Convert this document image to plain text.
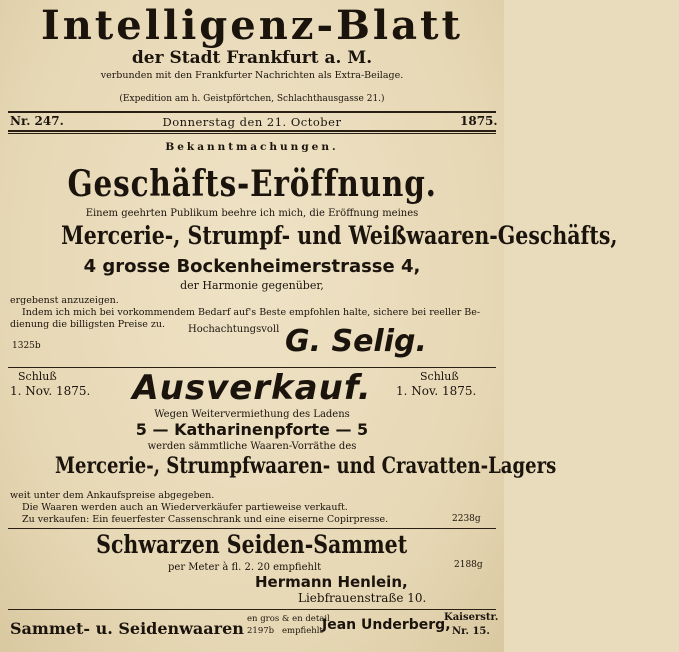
Intelligenz-Blatt
der Stadt Frankfurt a. M.
verbunden mit den Frankfurter Nachrichten als Extra-Beilage.
(Expedition am h. Geistpförtchen, Schlachthausgasse 21.)
Nr. 247.	Donnerstag den 21. October	1875.
Bekanntmachungen.
Geschäfts-Eröffnung.
Einem geehrten Publikum beehre ich mich, die Eröffnung meines
Mercerie-, Strumpf- und Weißwaaren-Geschäfts,
4 grosse Bockenheimerstrasse 4,
der Harmonie gegenüber,
ergebenst anzuzeigen.
Indem ich mich bei vorkommendem Bedarf auf's Beste empfohlen halte, sichere bei reeller Be-
dienung die billigsten Preise zu. Hochachtungsvoll
1325b	G. Selig.
Schluß
1. Nov. 1875.	Ausverkauf.	Schluß
1. Nov. 1875.
Wegen Weitervermiethung des Ladens
5 — Katharinenpforte — 5
werden sämmtliche Waaren-Vorräthe des
Mercerie-, Strumpfwaaren- und Cravatten-Lagers
weit unter dem Ankaufspreise abgegeben.
Die Waaren werden auch an Wiederverkäufer partieweise verkauft.
Zu verkaufen: Ein feuerfester Cassenschrank und eine eiserne Copirpresse.	2238g
Schwarzen Seiden-Sammet
per Meter à fl. 2. 20 empfiehlt	2188g
Hermann Henlein,
Liebfrauenstraße 10.
Sammet- u. Seidenwaaren en gros & en detail
2197b empfiehlt Jean Underberg,
Kaiserstr.
Nr. 15.
